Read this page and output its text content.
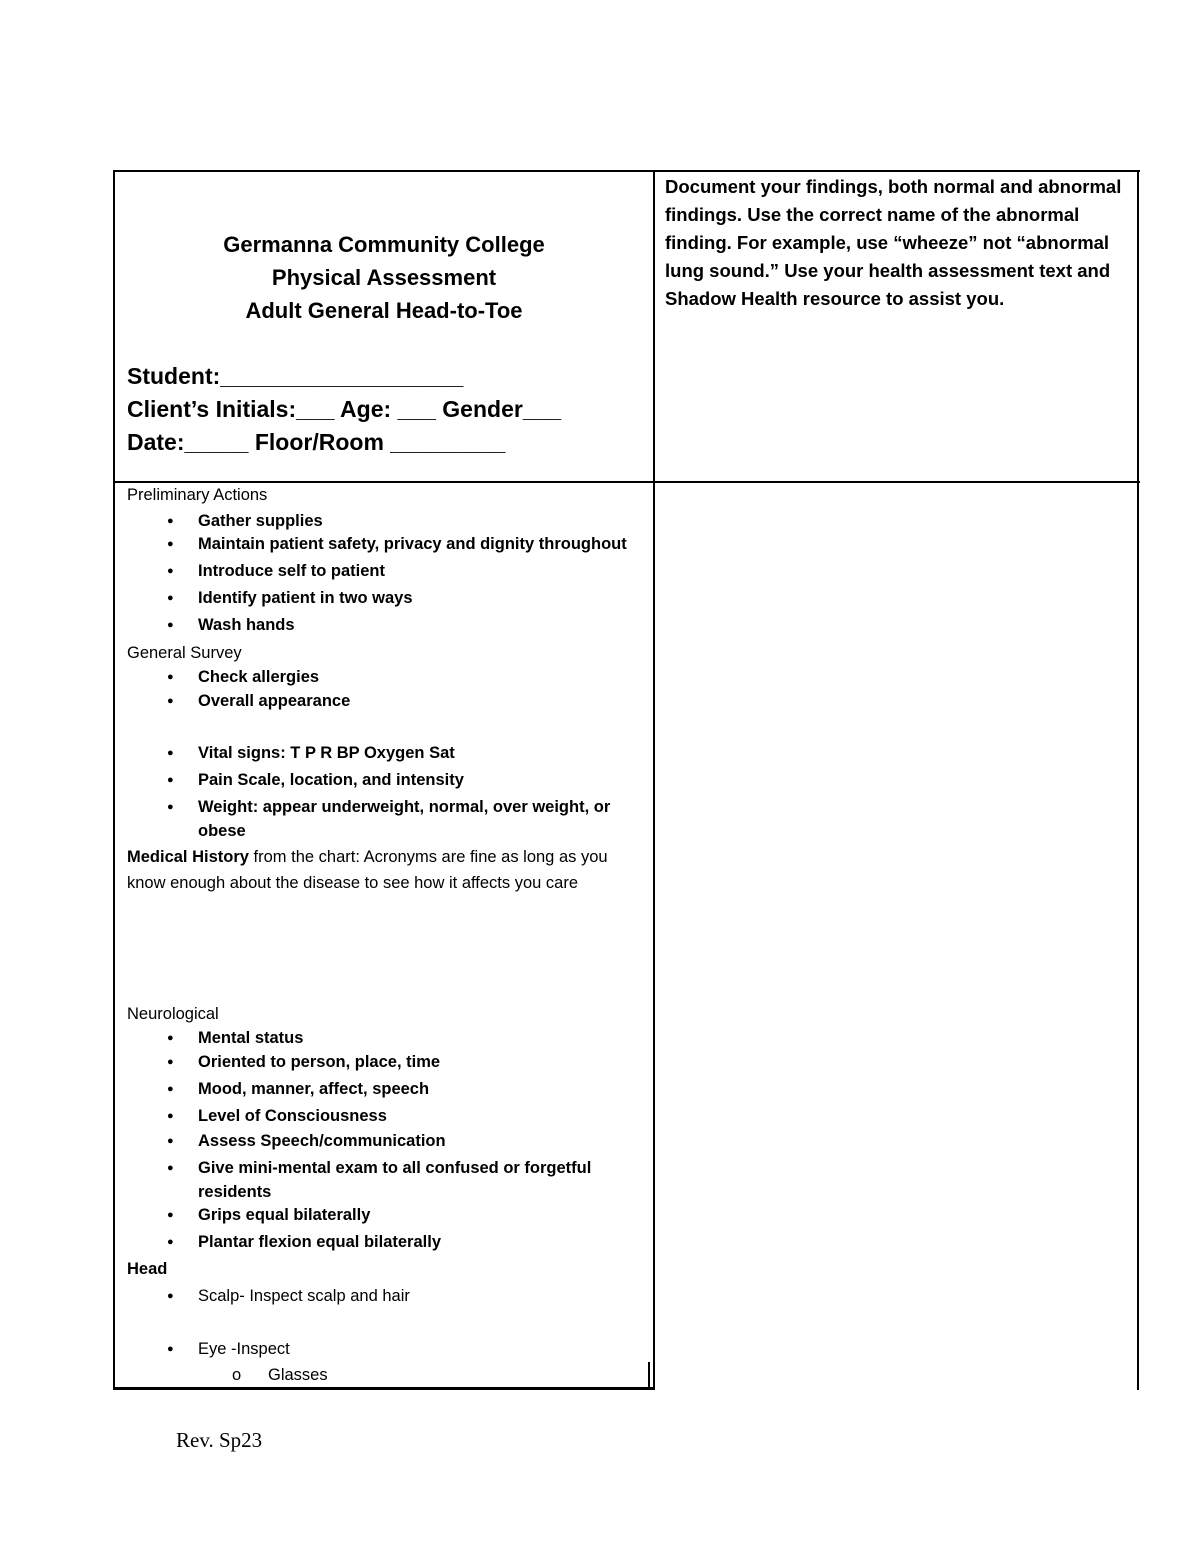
Germanna Community College
Physical Assessment
Adult General Head-to-Toe
Student:___________________
Client’s Initials:___ Age: ___ Gender___
Date:_____ Floor/Room _________
Document your findings, both normal and abnormal findings. Use the correct name of the abnormal finding. For example, use “wheeze” not “abnormal lung sound.” Use your health assessment text and Shadow Health resource to assist you.
Preliminary Actions
● Gather supplies
● Maintain patient safety, privacy and dignity throughout
● Introduce self to patient
● Identify patient in two ways
● Wash hands
General Survey
● Check allergies
● Overall appearance
● Vital signs: T P R BP Oxygen Sat
● Pain Scale, location, and intensity
● Weight: appear underweight, normal, over weight, or
obese
Medical History from the chart: Acronyms are fine as long as you know enough about the disease to see how it affects you care
Neurological
● Mental status
● Oriented to person, place, time
● Mood, manner, affect, speech
● Level of Consciousness
● Assess Speech/communication
● Give mini-mental exam to all confused or forgetful
residents
● Grips equal bilaterally
● Plantar flexion equal bilaterally
Head
● Scalp- Inspect scalp and hair
● Eye -Inspect
o Glasses
Rev. Sp23
